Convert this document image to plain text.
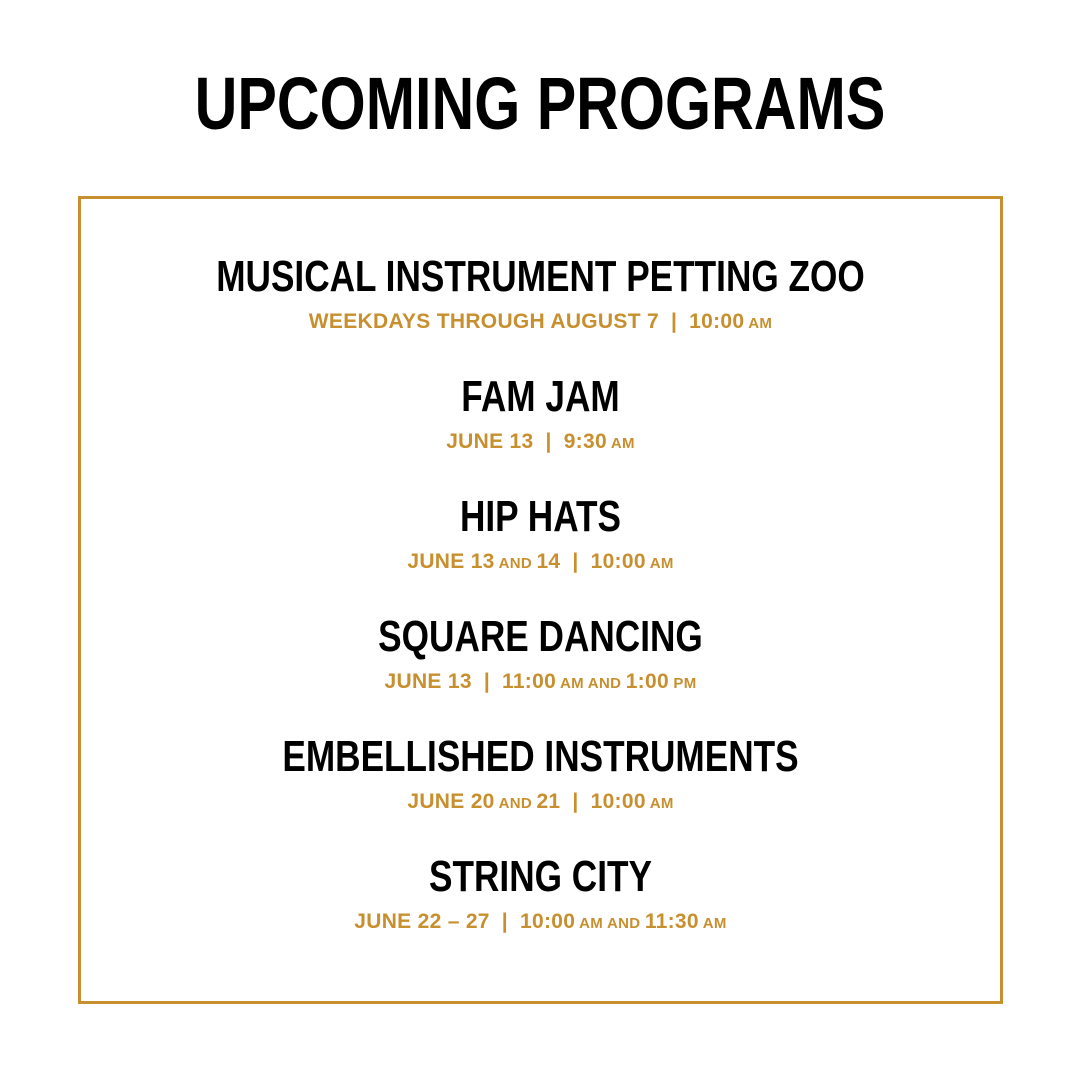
UPCOMING PROGRAMS
MUSICAL INSTRUMENT PETTING ZOO
WEEKDAYS THROUGH AUGUST 7 | 10:00 AM
FAM JAM
JUNE 13 | 9:30 AM
HIP HATS
JUNE 13 AND 14 | 10:00 AM
SQUARE DANCING
JUNE 13 | 11:00 AM AND 1:00 PM
EMBELLISHED INSTRUMENTS
JUNE 20 AND 21 | 10:00 AM
STRING CITY
JUNE 22 – 27 | 10:00 AM AND 11:30 AM
